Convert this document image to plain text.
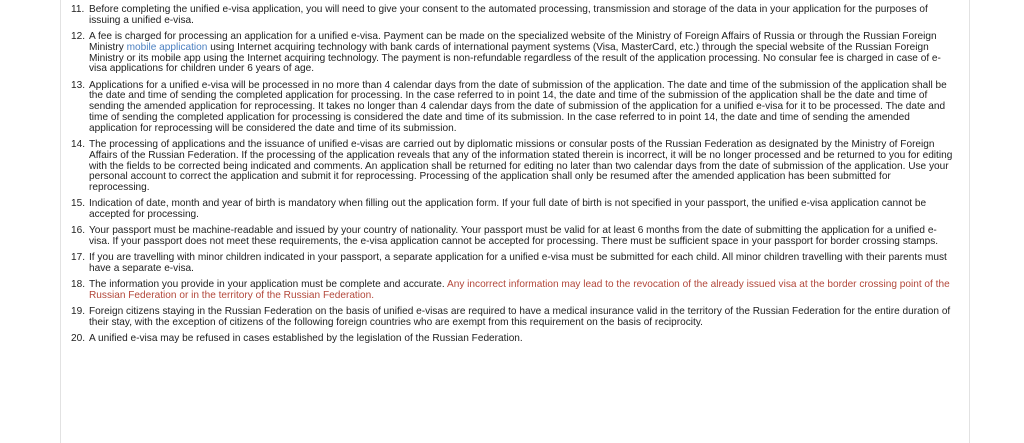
11. Before completing the unified e-visa application, you will need to give your consent to the automated processing, transmission and storage of the data in your application for the purposes of issuing a unified e-visa.
12. A fee is charged for processing an application for a unified e-visa. Payment can be made on the specialized website of the Ministry of Foreign Affairs of Russia or through the Russian Foreign Ministry mobile application using Internet acquiring technology with bank cards of international payment systems (Visa, MasterCard, etc.) through the special website of the Russian Foreign Ministry or its mobile app using the Internet acquiring technology. The payment is non-refundable regardless of the result of the application processing. No consular fee is charged in case of e-visa applications for children under 6 years of age.
13. Applications for a unified e-visa will be processed in no more than 4 calendar days from the date of submission of the application. The date and time of the submission of the application shall be the date and time of sending the completed application for processing. In the case referred to in point 14, the date and time of the submission of the application shall be the date and time of sending the amended application for reprocessing. It takes no longer than 4 calendar days from the date of submission of the application for a unified e-visa for it to be processed. The date and time of sending the completed application for processing is considered the date and time of its submission. In the case referred to in point 14, the date and time of sending the amended application for reprocessing will be considered the date and time of its submission.
14. The processing of applications and the issuance of unified e-visas are carried out by diplomatic missions or consular posts of the Russian Federation as designated by the Ministry of Foreign Affairs of the Russian Federation. If the processing of the application reveals that any of the information stated therein is incorrect, it will be no longer processed and be returned to you for editing with the fields to be corrected being indicated and comments. An application shall be returned for editing no later than two calendar days from the date of submission of the application. Use your personal account to correct the application and submit it for reprocessing. Processing of the application shall only be resumed after the amended application has been submitted for reprocessing.
15. Indication of date, month and year of birth is mandatory when filling out the application form. If your full date of birth is not specified in your passport, the unified e-visa application cannot be accepted for processing.
16. Your passport must be machine-readable and issued by your country of nationality. Your passport must be valid for at least 6 months from the date of submitting the application for a unified e-visa. If your passport does not meet these requirements, the e-visa application cannot be accepted for processing. There must be sufficient space in your passport for border crossing stamps.
17. If you are travelling with minor children indicated in your passport, a separate application for a unified e-visa must be submitted for each child. All minor children travelling with their parents must have a separate e-visa.
18. The information you provide in your application must be complete and accurate. Any incorrect information may lead to the revocation of the already issued visa at the border crossing point of the Russian Federation or in the territory of the Russian Federation.
19. Foreign citizens staying in the Russian Federation on the basis of unified e-visas are required to have a medical insurance valid in the territory of the Russian Federation for the entire duration of their stay, with the exception of citizens of the following foreign countries who are exempt from this requirement on the basis of reciprocity.
20. A unified e-visa may be refused in cases established by the legislation of the Russian Federation.
